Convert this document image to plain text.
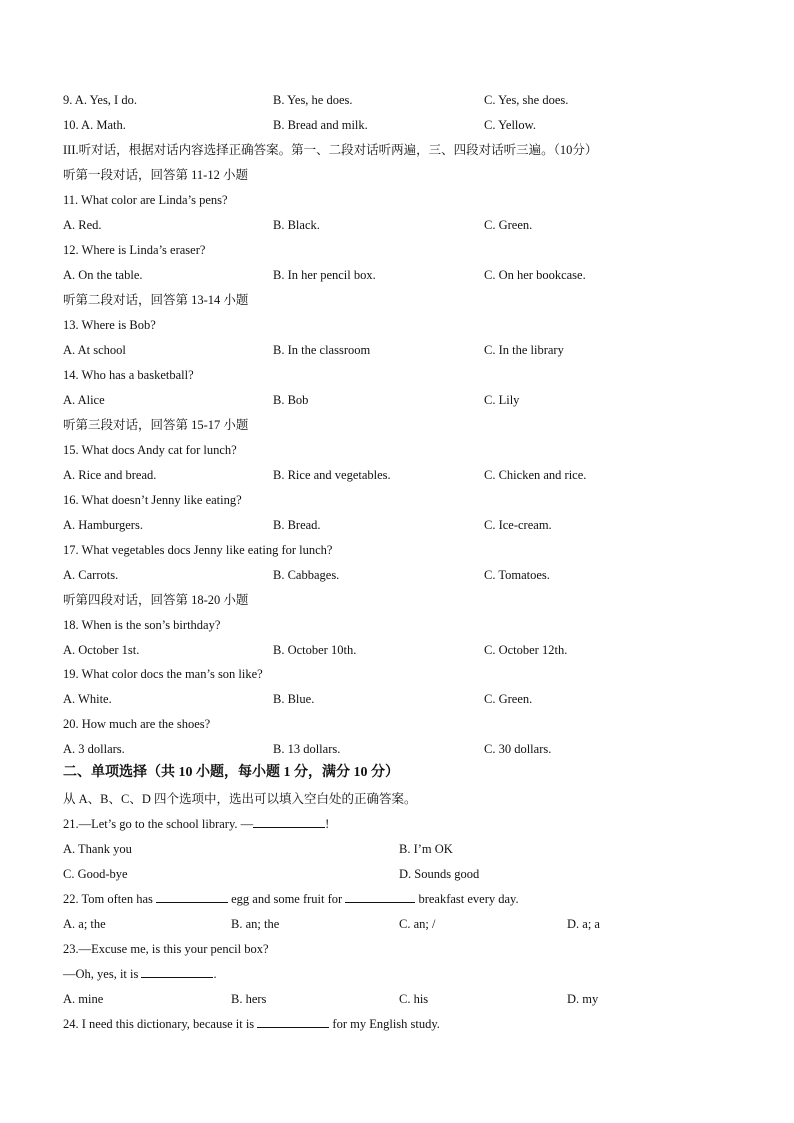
9. A. Yes, I do.	B. Yes, he does.	C. Yes, she does.
10. A. Math.	B. Bread and milk.	C. Yellow.
III.听对话，根据对话内容选择正确答案。第一、二段对话听两遍，三、四段对话听三遍。（10分）
听第一段对话，回答第 11-12 小题
11. What color are Linda’s pens?
A. Red.	B. Black.	C. Green.
12. Where is Linda’s eraser?
A. On the table.	B. In her pencil box.	C. On her bookcase.
听第二段对话，回答第 13-14 小题
13. Where is Bob?
A. At school	B. In the classroom	C. In the library
14. Who has a basketball?
A. Alice	B. Bob	C. Lily
听第三段对话，回答第 15-17 小题
15. What docs Andy cat for lunch?
A. Rice and bread.	B. Rice and vegetables.	C. Chicken and rice.
16. What doesn’t Jenny like eating?
A. Hamburgers.	B. Bread.	C. Ice-cream.
17. What vegetables docs Jenny like eating for lunch?
A. Carrots.	B. Cabbages.	C. Tomatoes.
听第四段对话，回答第 18-20 小题
18. When is the son’s birthday?
A. October 1st.	B. October 10th.	C. October 12th.
19. What color docs the man’s son like?
A. White.	B. Blue.	C. Green.
20. How much are the shoes?
A. 3 dollars.	B. 13 dollars.	C. 30 dollars.
二、单项选择（共 10 小题，每小题 1 分，满分 10 分）
从 A、B、C、D 四个选项中，选出可以填入空白处的正确答案。
21.—Let’s go to the school library. —	!
A. Thank you	B. I’m OK
C. Good-bye	D. Sounds good
22. Tom often has	egg and some fruit for	breakfast every day.
A. a; the	B. an; the	C. an; /	D. a; a
23.—Excuse me, is this your pencil box?
—Oh, yes, it is	.
A. mine	B. hers	C. his	D. my
24. I need this dictionary, because it is	for my English study.
